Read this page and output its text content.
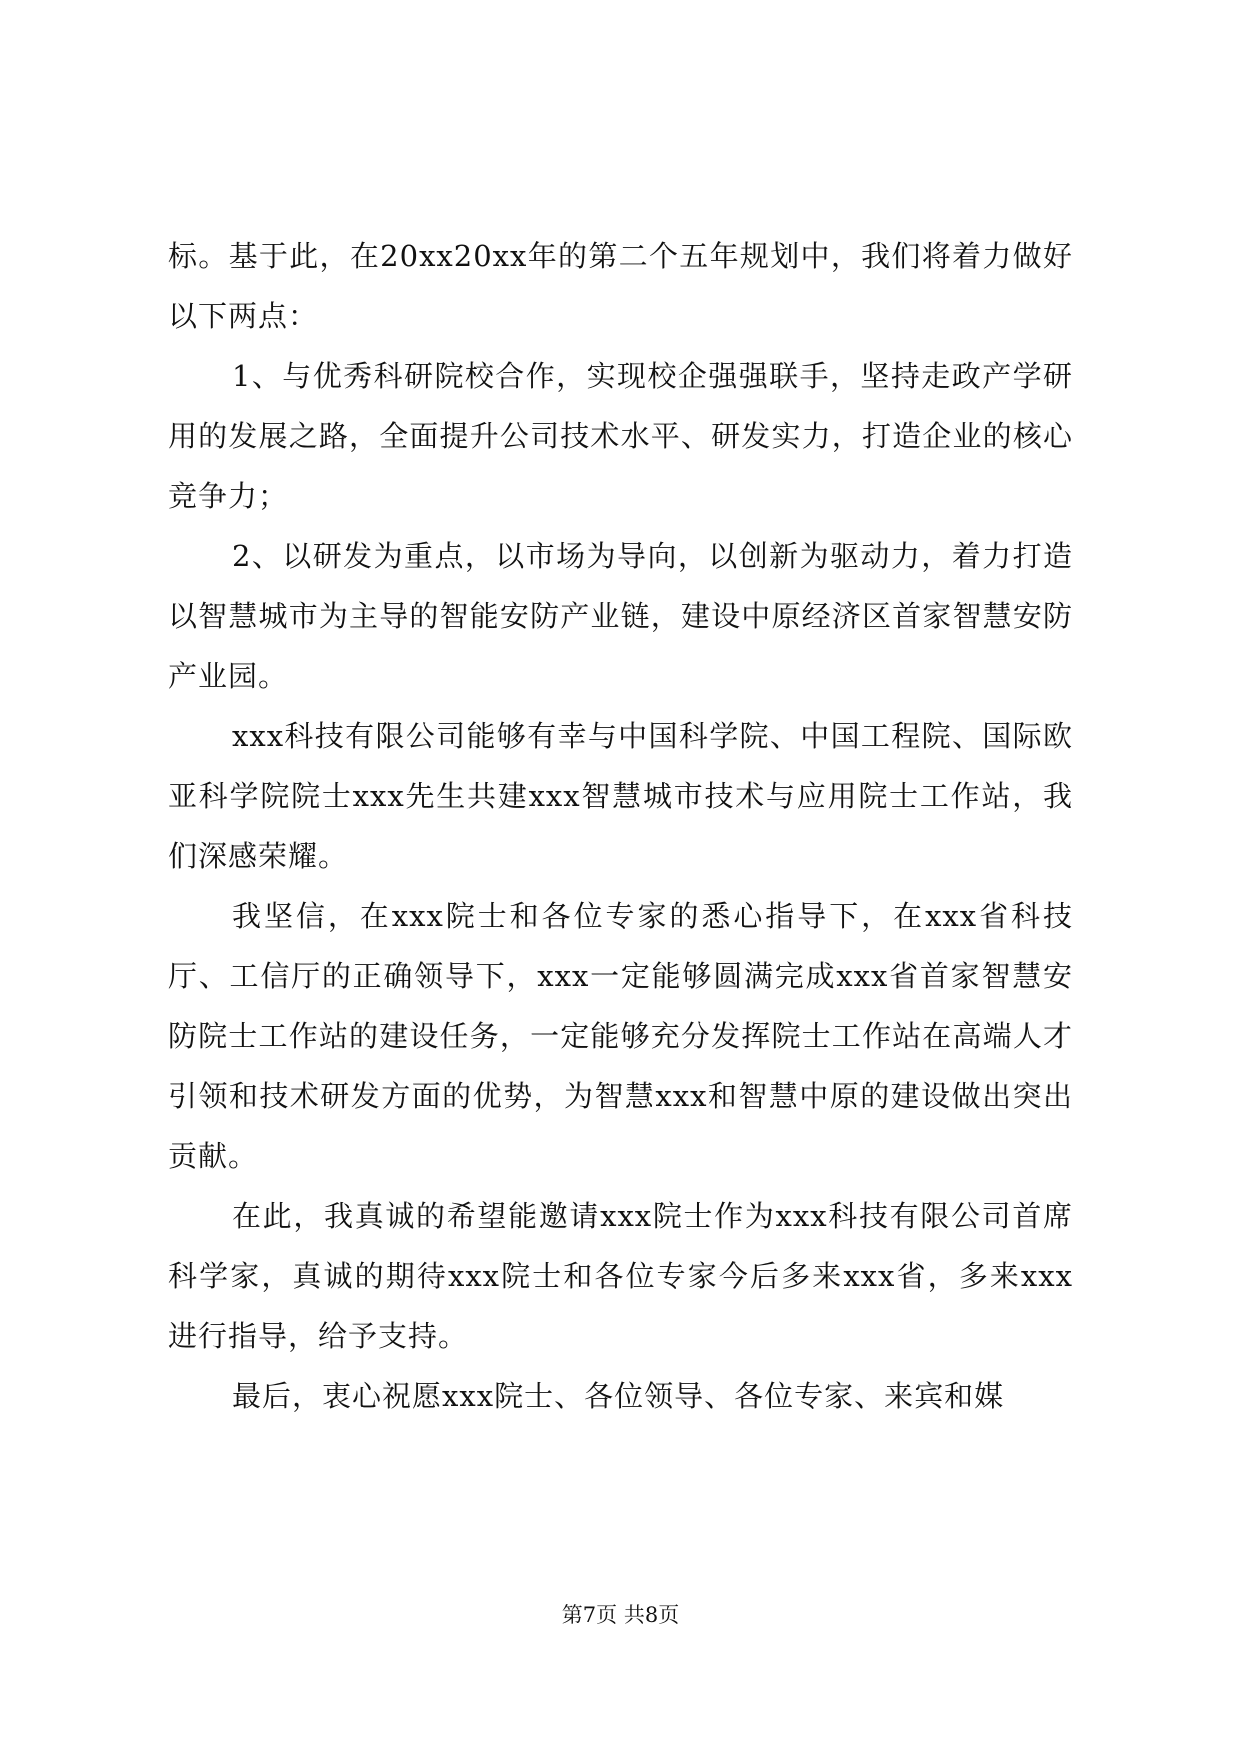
标。基于此，在20xx20xx年的第二个五年规划中，我们将着力做好以下两点：

1、与优秀科研院校合作，实现校企强强联手，坚持走政产学研用的发展之路，全面提升公司技术水平、研发实力，打造企业的核心竞争力；

2、以研发为重点，以市场为导向，以创新为驱动力，着力打造以智慧城市为主导的智能安防产业链，建设中原经济区首家智慧安防产业园。

xxx科技有限公司能够有幸与中国科学院、中国工程院、国际欧亚科学院院士xxx先生共建xxx智慧城市技术与应用院士工作站，我们深感荣耀。

我坚信，在xxx院士和各位专家的悉心指导下，在xxx省科技厅、工信厅的正确领导下，xxx一定能够圆满完成xxx省首家智慧安防院士工作站的建设任务，一定能够充分发挥院士工作站在高端人才引领和技术研发方面的优势，为智慧xxx和智慧中原的建设做出突出贡献。

在此，我真诚的希望能邀请xxx院士作为xxx科技有限公司首席科学家，真诚的期待xxx院士和各位专家今后多来xxx省，多来xxx进行指导，给予支持。

最后，衷心祝愿xxx院士、各位领导、各位专家、来宾和媒

第7页 共8页
